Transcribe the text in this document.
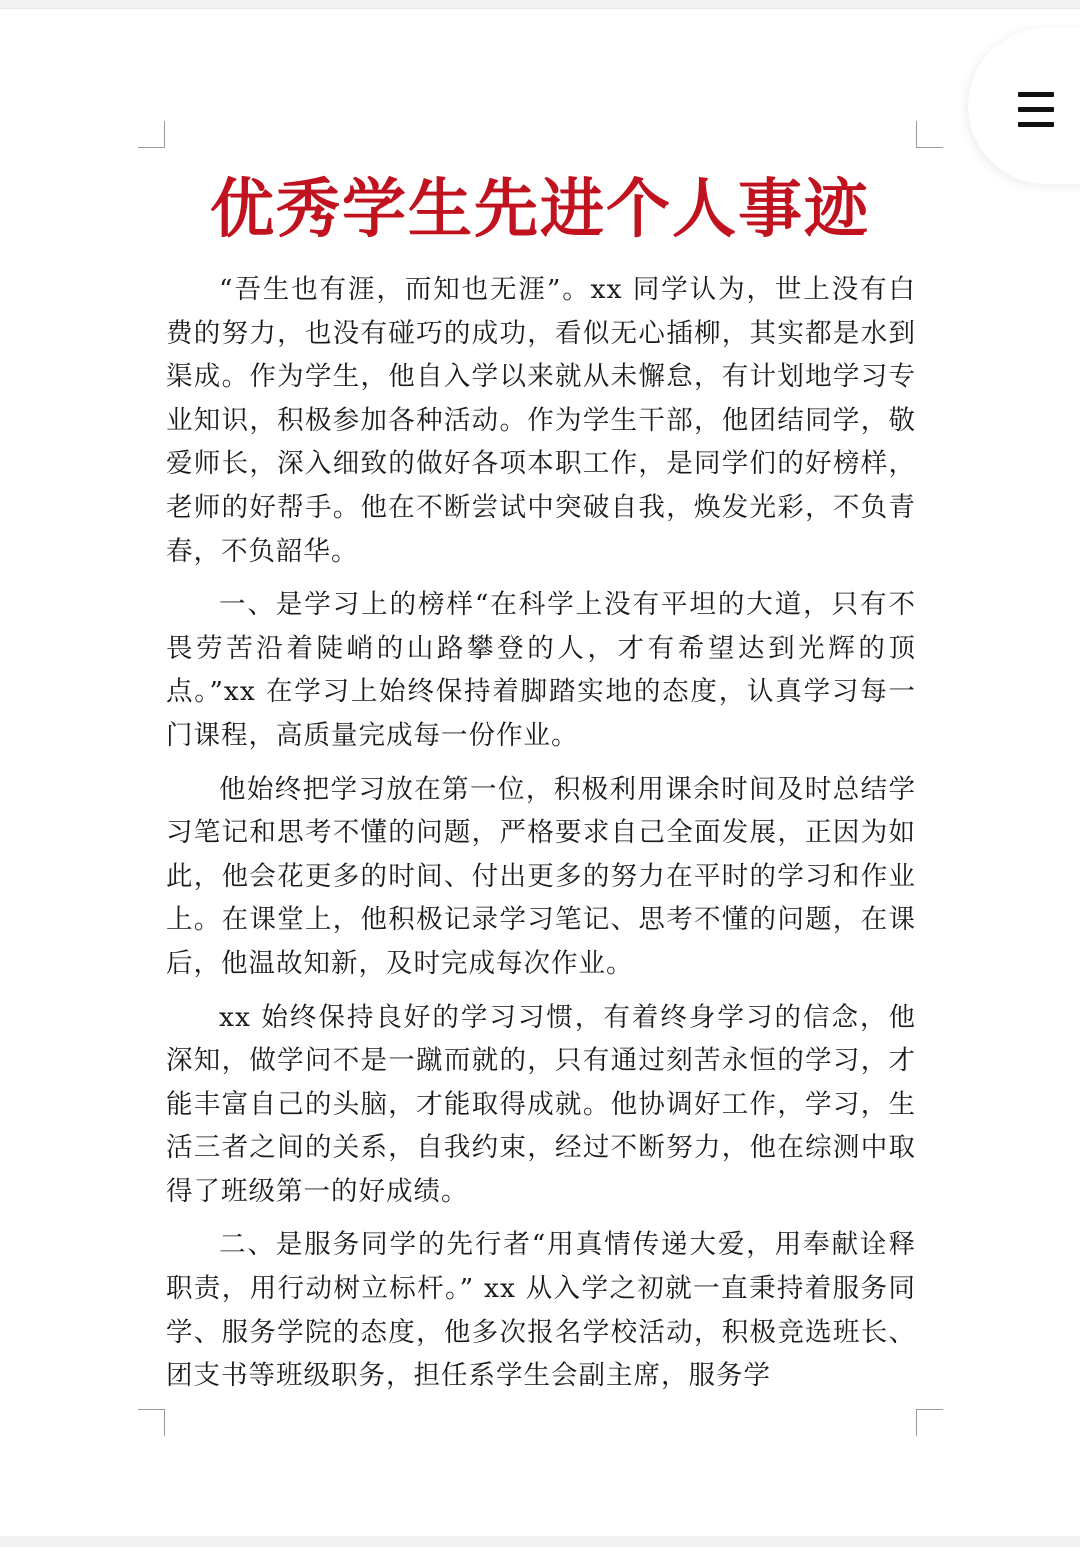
优秀学生先进个人事迹

“吾生也有涯，而知也无涯”。xx 同学认为，世上没有白费的努力，也没有碰巧的成功，看似无心插柳，其实都是水到渠成。作为学生，他自入学以来就从未懈怠，有计划地学习专业知识，积极参加各种活动。作为学生干部，他团结同学，敬爱师长，深入细致的做好各项本职工作，是同学们的好榜样，老师的好帮手。他在不断尝试中突破自我，焕发光彩，不负青春，不负韶华。

一、是学习上的榜样“在科学上没有平坦的大道，只有不畏劳苦沿着陡峭的山路攀登的人，才有希望达到光辉的顶点。”xx 在学习上始终保持着脚踏实地的态度，认真学习每一门课程，高质量完成每一份作业。

他始终把学习放在第一位，积极利用课余时间及时总结学习笔记和思考不懂的问题，严格要求自己全面发展，正因为如此，他会花更多的时间、付出更多的努力在平时的学习和作业上。在课堂上，他积极记录学习笔记、思考不懂的问题，在课后，他温故知新，及时完成每次作业。

xx 始终保持良好的学习习惯，有着终身学习的信念，他深知，做学问不是一蹴而就的，只有通过刻苦永恒的学习，才能丰富自己的头脑，才能取得成就。他协调好工作，学习，生活三者之间的关系，自我约束，经过不断努力，他在综测中取得了班级第一的好成绩。

二、是服务同学的先行者“用真情传递大爱，用奉献诠释职责，用行动树立标杆。” xx 从入学之初就一直秉持着服务同学、服务学院的态度，他多次报名学校活动，积极竞选班长、团支书等班级职务，担任系学生会副主席，服务学
